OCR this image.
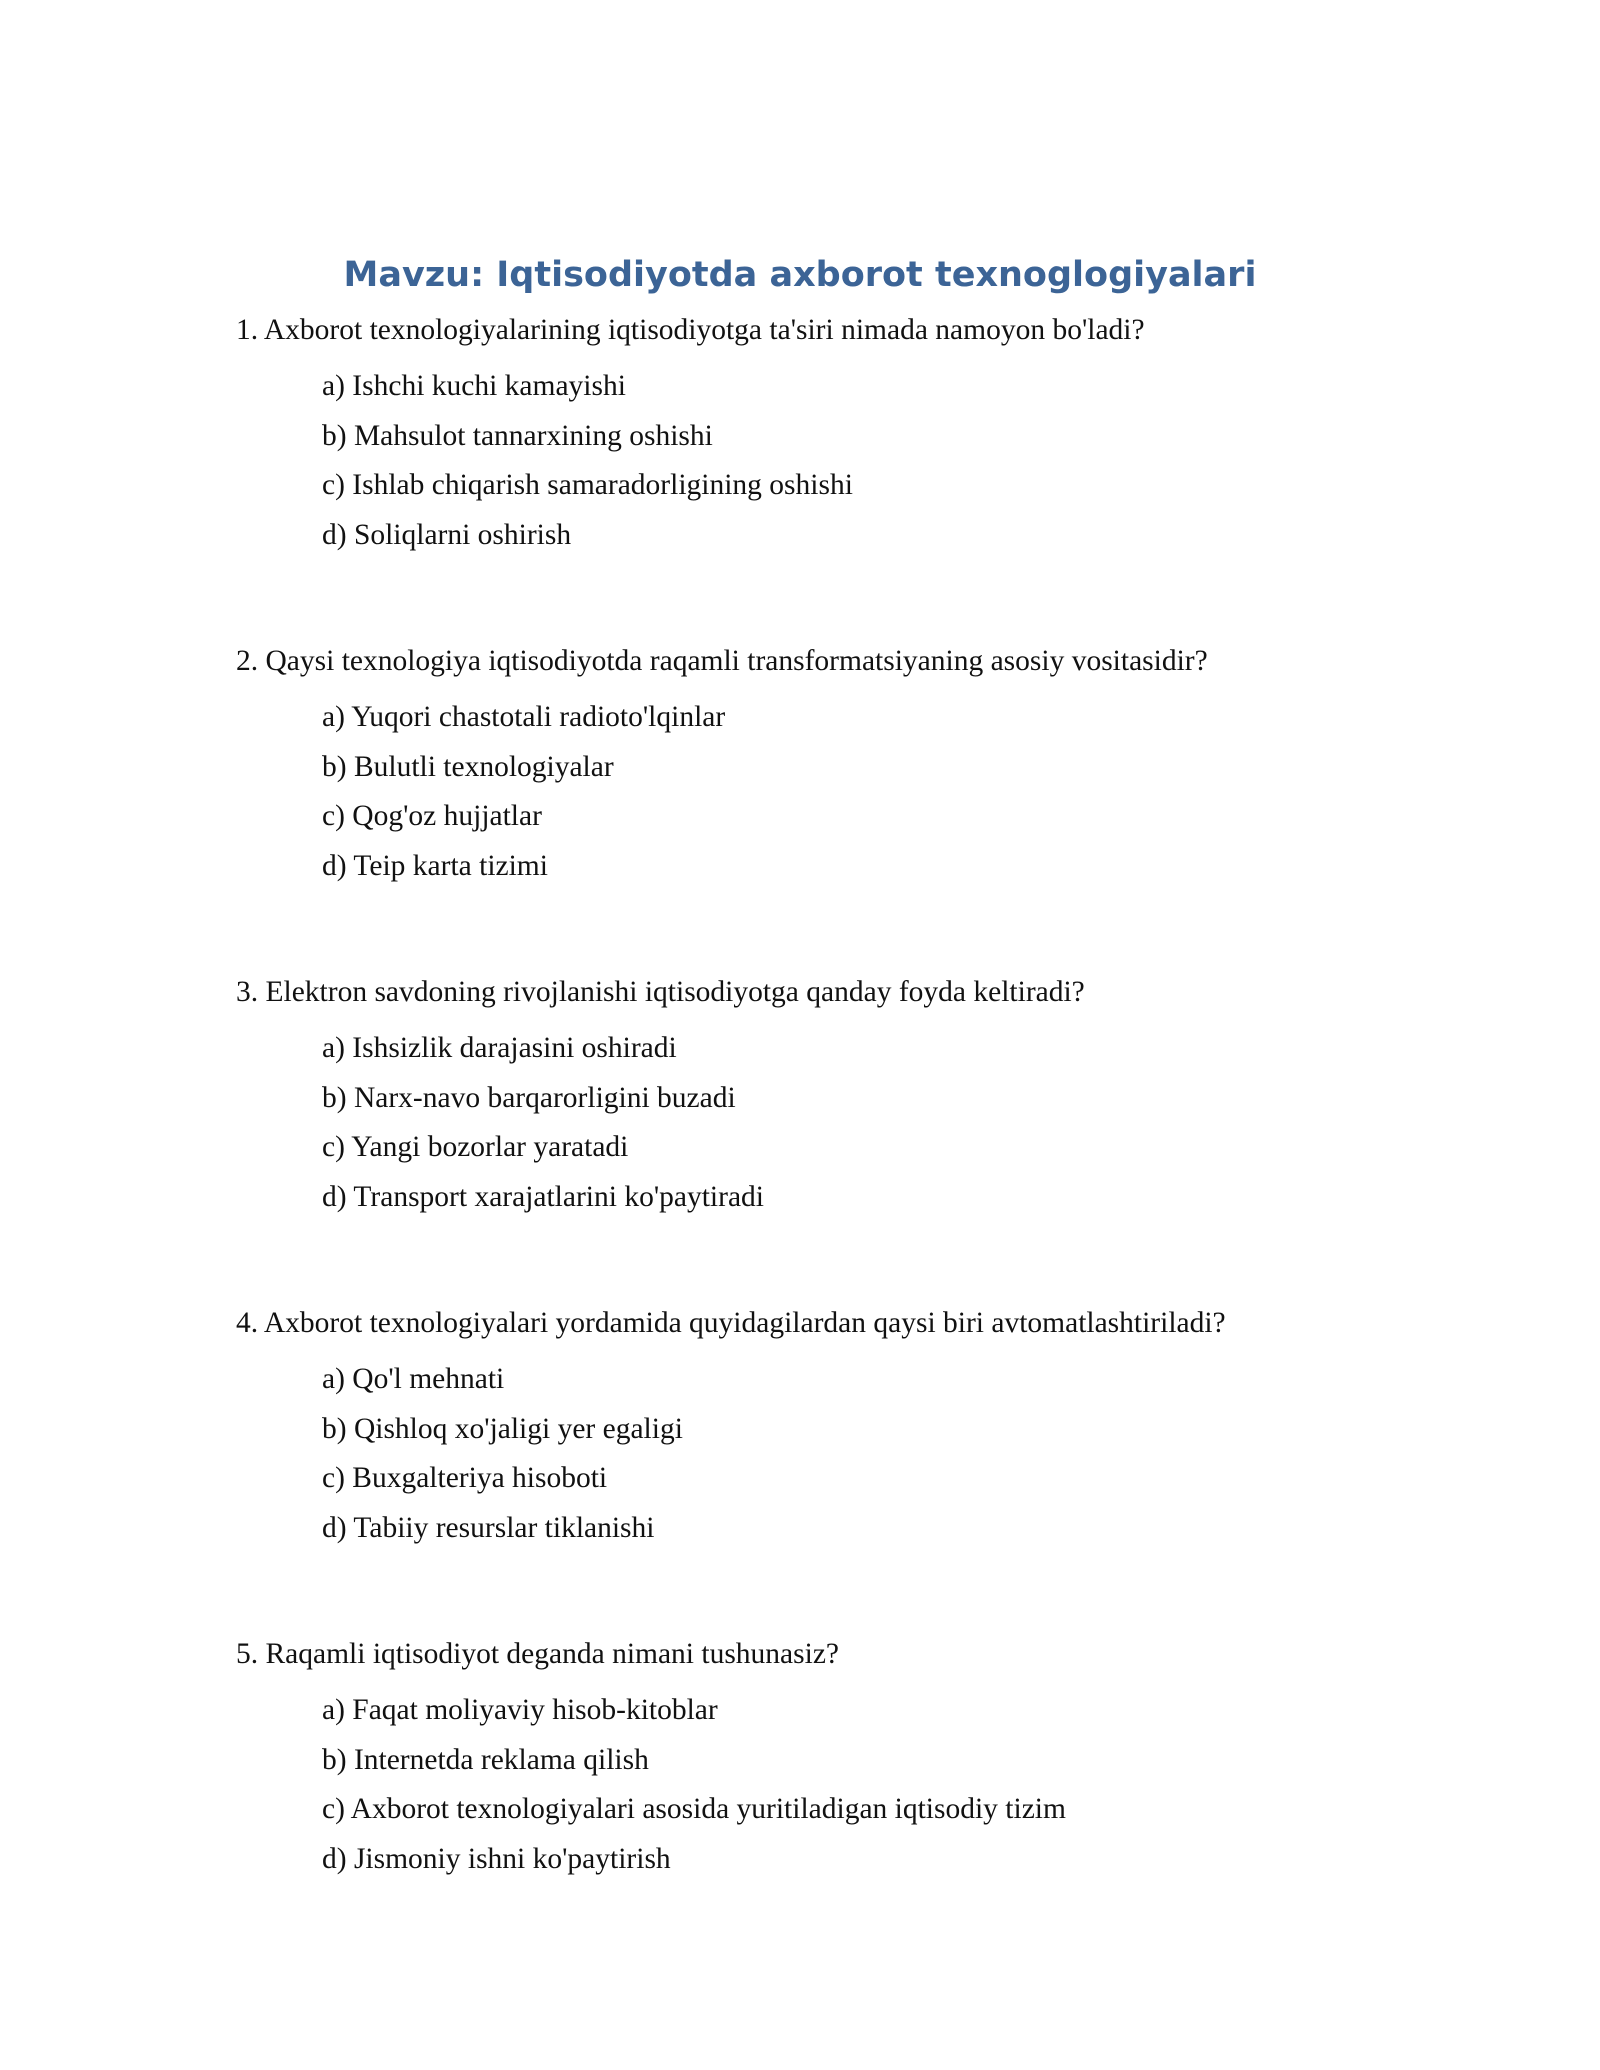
Mavzu: Iqtisodiyotda axborot texnoglogiyalari
1. Axborot texnologiyalarining iqtisodiyotga ta'siri nimada namoyon bo'ladi?
a) Ishchi kuchi kamayishi
b) Mahsulot tannarxining oshishi
c) Ishlab chiqarish samaradorligining oshishi
d) Soliqlarni oshirish
2. Qaysi texnologiya iqtisodiyotda raqamli transformatsiyaning asosiy vositasidir?
a) Yuqori chastotali radioto'lqinlar
b) Bulutli texnologiyalar
c) Qog'oz hujjatlar
d) Teip karta tizimi
3. Elektron savdoning rivojlanishi iqtisodiyotga qanday foyda keltiradi?
a) Ishsizlik darajasini oshiradi
b) Narx-navo barqarorligini buzadi
c) Yangi bozorlar yaratadi
d) Transport xarajatlarini ko'paytiradi
4. Axborot texnologiyalari yordamida quyidagilardan qaysi biri avtomatlashtiriladi?
a) Qo'l mehnati
b) Qishloq xo'jaligi yer egaligi
c) Buxgalteriya hisoboti
d) Tabiiy resurslar tiklanishi
5. Raqamli iqtisodiyot deganda nimani tushunasiz?
a) Faqat moliyaviy hisob-kitoblar
b) Internetda reklama qilish
c) Axborot texnologiyalari asosida yuritiladigan iqtisodiy tizim
d) Jismoniy ishni ko'paytirish
